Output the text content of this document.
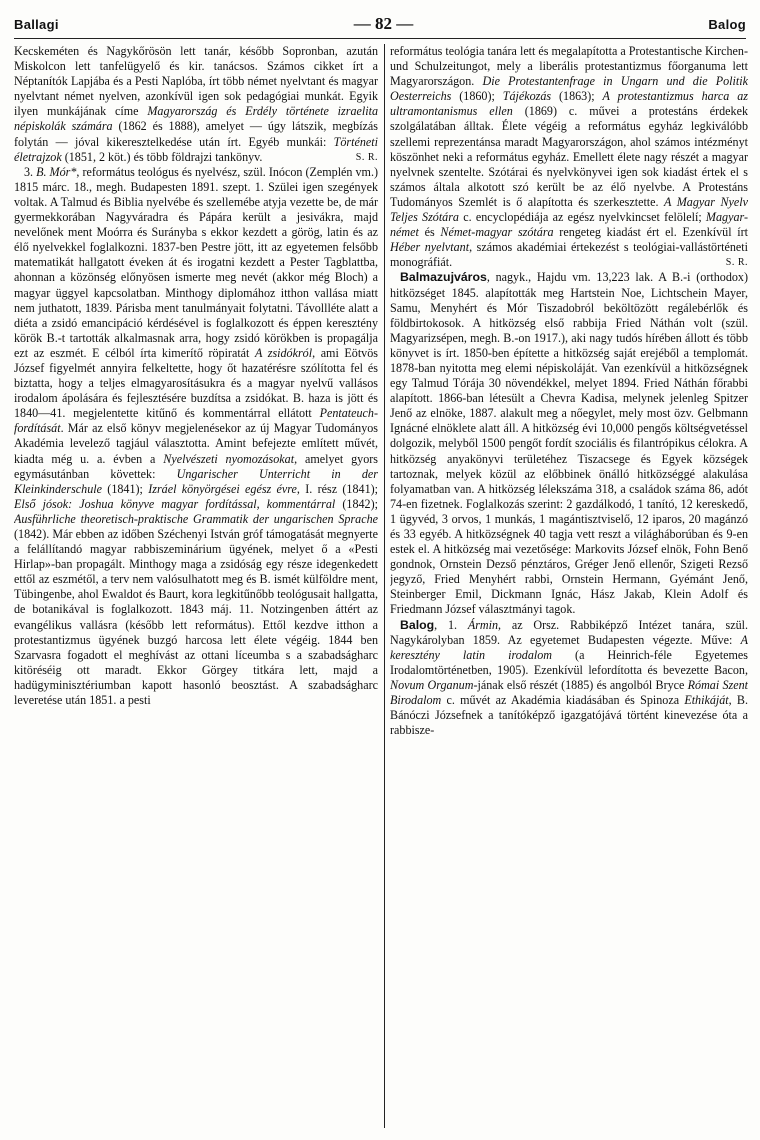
Ballagi	— 82 —	Balog

Kecskeméten és Nagykőrösön lett tanár, később Sopronban, azután Miskolcon lett tanfelügyelő és kir. tanácsos. Számos cikket írt a Néptanítók Lapjába és a Pesti Naplóba, írt több német nyelvtant és magyar nyelvtant német nyelven, azonkívül igen sok pedagógiai munkát. Egyik ilyen munkájának címe Magyarország és Erdély története izraelita népiskolák számára (1862 és 1888), amelyet — úgy látszik, megbízás folytán — jóval kikeresztelkedése után írt. Egyéb munkái: Történeti életrajzok (1851, 2 köt.) és több földrajzi tankönyv.	S. R.

3. B. Mór*, református teológus és nyelvész, szül. Inócon (Zemplén vm.) 1815 márc. 18., megh. Budapesten 1891. szept. 1. Szülei igen szegények voltak. A Talmud és Biblia nyelvébe és szellemébe atyja vezette be, de már gyermekkorában Nagyváradra és Pápára került a jesivákra, majd nevelőnek ment Moórra és Surányba s ekkor kezdett a görög, latin és az élő nyelvekkel foglalkozni. 1837-ben Pestre jött, itt az egyetemen felsőbb matematikát hallgatott éveken át és irogatni kezdett a Pester Tagblattba, ahonnan a közönség előnyösen ismerte meg nevét (akkor még Bloch) a magyar üggyel kapcsolatban. Minthogy diplomához itthon vallása miatt nem juthatott, 1839. Párisba ment tanulmányait folytatni. Távollléte alatt a diéta a zsidó emancipáció kérdésével is foglalkozott és éppen keresztény körök B.-t tartották alkalmasnak arra, hogy zsidó körökben is propagálja ezt az eszmét. E célból írta kimerítő röpiratát A zsidókról, ami Eötvös József figyelmét annyira felkeltette, hogy őt hazatérésre szólította fel és biztatta, hogy a teljes elmagyarosításukra és a magyar nyelvű vallásos irodalom ápolására és fejlesztésére buzdítsa a zsidókat. B. haza is jött és 1840—41. megjelentette kitűnő és kommentárral ellátott Pentateuch-fordítását. Már az első könyv megjelenésekor az új Magyar Tudományos Akadémia levelező tagjául választotta. Amint befejezte említett művét, kiadta még u. a. évben a Nyelvészeti nyomozásokat, amelyet gyors egymásutánban követtek: Ungarischer Unterricht in der Kleinkinderschule (1841); Izráel könyörgései egész évre, I. rész (1841); Első jósok: Joshua könyve magyar fordítással, kommentárral (1842); Ausführliche theoretisch-praktische Grammatik der ungarischen Sprache (1842). Már ebben az időben Széchenyi István gróf támogatását megnyerte a felállítandó magyar rabbiszeminárium ügyének, melyet ő a «Pesti Hirlap»-ban propagált. Minthogy maga a zsidóság egy része idegenkedett ettől az eszmétől, a terv nem valósulhatott meg és B. ismét külföldre ment, Tübingenbe, ahol Ewaldot és Baurt, kora legkitűnőbb teológusait hallgatta, de botanikával is foglalkozott. 1843 máj. 11. Notzingenben áttért az evangélikus vallásra (később lett református). Ettől kezdve itthon a protestantizmus ügyének buzgó harcosa lett élete végéig. 1844 ben Szarvasra fogadott el meghívást az ottani líceumba s a szabadságharc kitöréséig ott maradt. Ekkor Görgey titkára lett, majd a hadügyminisztériumban kapott hasonló beosztást. A szabadságharc leveretése után 1851. a pesti

református teológia tanára lett és megalapította a Protestantische Kirchen- und Schulzeitungot, mely a liberális protestantizmus főorganuma lett Magyarországon. Die Protestantenfrage in Ungarn und die Politik Oesterreichs (1860); Tájékozás (1863); A protestantizmus harca az ultramontanismus ellen (1869) c. művei a protestáns érdekek szolgálatában álltak. Élete végéig a református egyház legkiválóbb szellemi reprezentánsa maradt Magyarországon, ahol számos intézményt köszönhet neki a református egyház. Emellett élete nagy részét a magyar nyelvnek szentelte. Szótárai és nyelvkönyvei igen sok kiadást értek el s számos általa alkotott szó került be az élő nyelvbe. A Protestáns Tudományos Szemlét is ő alapította és szerkesztette. A Magyar Nyelv Teljes Szótára c. encyclopédiája az egész nyelvkincset felölelí; Magyar-német és Német-magyar szótára rengeteg kiadást ért el. Ezenkívül írt Héber nyelvtant, számos akadémiai értekezést s teológiai-vallástörténeti monográfiát.	S. R.

Balmazujváros, nagyk., Hajdu vm. 13,223 lak. A B.-i (orthodox) hitközséget 1845. alapították meg Hartstein Noe, Lichtschein Mayer, Samu, Menyhért és Mór Tiszadobról beköltözött regálebérlők és földbirtokosok. A hitközség első rabbija Fried Náthán volt (szül. Magyarizsépen, megh. B.-on 1917.), aki nagy tudós hírében állott és több könyvet is írt. 1850-ben építette a hitközség saját erejéből a templomát. 1878-ban nyitotta meg elemi népiskoláját. Van ezenkívül a hitközségnek egy Talmud Tórája 30 növendékkel, melyet 1894. Fried Náthán főrabbi alapított. 1866-ban létesült a Chevra Kadisa, melynek jelenleg Spitzer Jenő az elnöke, 1887. alakult meg a nőegylet, mely most özv. Gelbmann Ignácné elnöklete alatt áll. A hitközség évi 10,000 pengős költségvetéssel dolgozik, melyből 1500 pengőt fordít szociális és filantrópikus célokra. A hitközség anyakönyvi területéhez Tiszacsege és Egyek községek tartoznak, melyek közül az előbbinek önálló hitközséggé alakulása folyamatban van. A hitközség lélekszáma 318, a családok száma 86, adót 74-en fizetnek. Foglalkozás szerint: 2 gazdálkodó, 1 tanító, 12 kereskedő, 1 ügyvéd, 3 orvos, 1 munkás, 1 magántisztviselő, 12 iparos, 20 magánzó és 33 egyéb. A hitközségnek 40 tagja vett reszt a világháborúban és 9-en estek el. A hitközség mai vezetősége: Markovits József elnök, Fohn Benő gondnok, Ornstein Dezső pénztáros, Gréger Jenő ellenőr, Szigeti Rezső jegyző, Fried Menyhért rabbi, Ornstein Hermann, Gyémánt Jenő, Steinberger Emil, Dickmann Ignác, Hász Jakab, Klein Adolf és Friedmann József választmányi tagok.

Balog, 1. Ármin, az Orsz. Rabbiképző Intézet tanára, szül. Nagykárolyban 1859. Az egyetemet Budapesten végezte. Műve: A keresztény latin irodalom (a Heinrich-féle Egyetemes Irodalomtörténetben, 1905). Ezenkívül lefordította és bevezette Bacon, Novum Organum-jának első részét (1885) és angolból Bryce Római Szent Birodalom c. művét az Akadémia kiadásában és Spinoza Ethikáját, B. Bánóczi Józsefnek a tanítóképző igazgatójává történt kinevezése óta a rabbisze-
